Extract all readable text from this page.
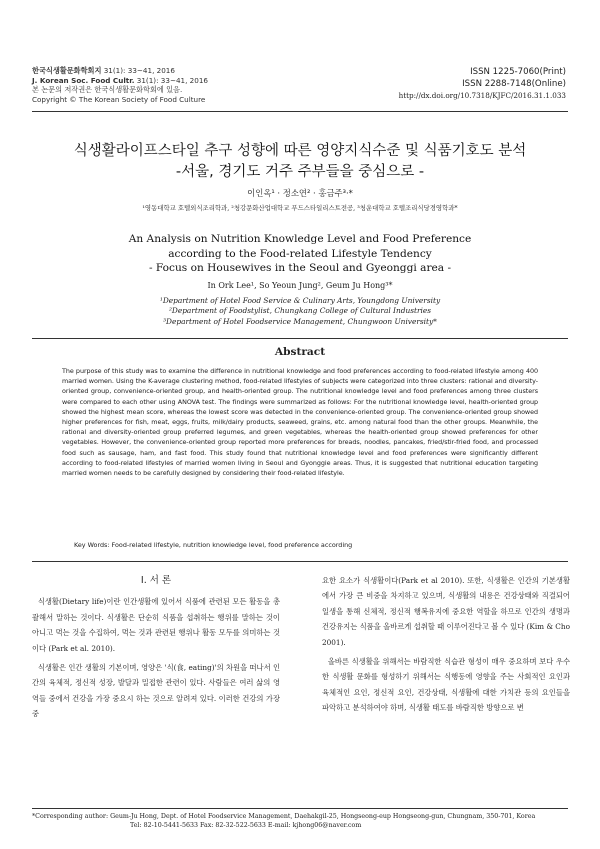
한국식생활문화학회지 31(1): 33~41, 2016
J. Korean Soc. Food Cultr. 31(1): 33~41, 2016
본 논문의 저작권은 한국식생활문화학회에 있음.
Copyright © The Korean Society of Food Culture
ISSN 1225-7060(Print)
ISSN 2288-7148(Online)
http://dx.doi.org/10.7318/KJFC/2016.31.1.033
식생활라이프스타일 추구 성향에 따른 영양지식수준 및 식품기호도 분석
-서울, 경기도 거주 주부들을 중심으로 -
이인옥¹ · 정소연² · 홍금주³·*
¹영동대학교 호텔외식조리학과, ²청강문화산업대학교 푸드스타일리스트전공, ³청운대학교 호텔조리식당경영학과*
An Analysis on Nutrition Knowledge Level and Food Preference
according to the Food-related Lifestyle Tendency
- Focus on Housewives in the Seoul and Gyeonggi area -
In Ork Lee¹, So Yeoun Jung², Geum Ju Hong³*
¹Department of Hotel Food Service & Culinary Arts, Youngdong University
²Department of Foodstylist, Chungkang College of Cultural Industries
³Department of Hotel Foodservice Management, Chungwoon University*
Abstract
The purpose of this study was to examine the difference in nutritional knowledge and food preferences according to food-related lifestyle among 400 married women. Using the K-average clustering method, food-related lifestyles of subjects were categorized into three clusters: rational and diversity-oriented group, convenience-oriented group, and health-oriented group. The nutritional knowledge level and food preferences among three clusters were compared to each other using ANOVA test. The findings were summarized as follows: For the nutritional knowledge level, health-oriented group showed the highest mean score, whereas the lowest score was detected in the convenience-oriented group. The convenience-oriented group showed higher preferences for fish, meat, eggs, fruits, milk/dairy products, seaweed, grains, etc. among natural food than the other groups. Meanwhile, the rational and diversity-oriented group preferred legumes, and green vegetables, whereas the health-oriented group showed preferences for other vegetables. However, the convenience-oriented group reported more preferences for breads, noodles, pancakes, fried/stir-fried food, and processed food such as sausage, ham, and fast food. This study found that nutritional knowledge level and food preferences were significantly different according to food-related lifestyles of married women living in Seoul and Gyonggie areas. Thus, it is suggested that nutritional education targeting married women needs to be carefully designed by considering their food-related lifestyle.
Key Words: Food-related lifestyle, nutrition knowledge level, food preference according
Ⅰ. 서 론

식생활(Dietary life)이란 인간생활에 있어서 식품에 관련된 모든 활동을 총괄해서 말하는 것이다. 식생활은 단순히 식품을 섭취하는 행위를 말하는 것이 아니고 먹는 것을 수집하여, 먹는 것과 관련된 행위나 활동 모두를 의미하는 것이다 (Park et al. 2010).

식생활은 인간 생활의 기본이며, 영양은 '식(食, eating)'의 차원을 떠나서 인간의 육체적, 정신적 성장, 발달과 밀접한 관련이 있다. 사람들은 여러 삶의 영역들 중에서 건강을 가장 중요시 하는 것으로 알려져 있다. 이러한 건강의 가장 중

요한 요소가 식생활이다(Park et al 2010). 또한, 식생활은 인간의 기본생활에서 가장 큰 비중을 차지하고 있으며, 식생활의 내용은 건강상태와 직결되어 일생을 통해 신체적, 정신적 행복유지에 중요한 역할을 하므로 인간의 생명과 건강유지는 식품을 올바르게 섭취할 때 이루어진다고 볼 수 있다 (Kim & Cho 2001).

올바른 식생활을 위해서는 바람직한 식습관 형성이 매우 중요하며 보다 우수한 식생활 문화를 형성하기 위해서는 식행동에 영향을 주는 사회적인 요인과 육체적인 요인, 정신적 요인, 건강상태, 식생활에 대한 가치관 등의 요인들을 파악하고 분석하여야 하며, 식생활 태도를 바람직한 방향으로 변

*Corresponding author: Geum-Ju Hong, Dept. of Hotel Foodservice Management, Daehakgil-25, Hongseong-eup Hongseong-gun, Chungnam, 350-701, Korea
Tel: 82-10-5441-5633 Fax: 82-32-522-5633 E-mail: kjhong06@naver.com
